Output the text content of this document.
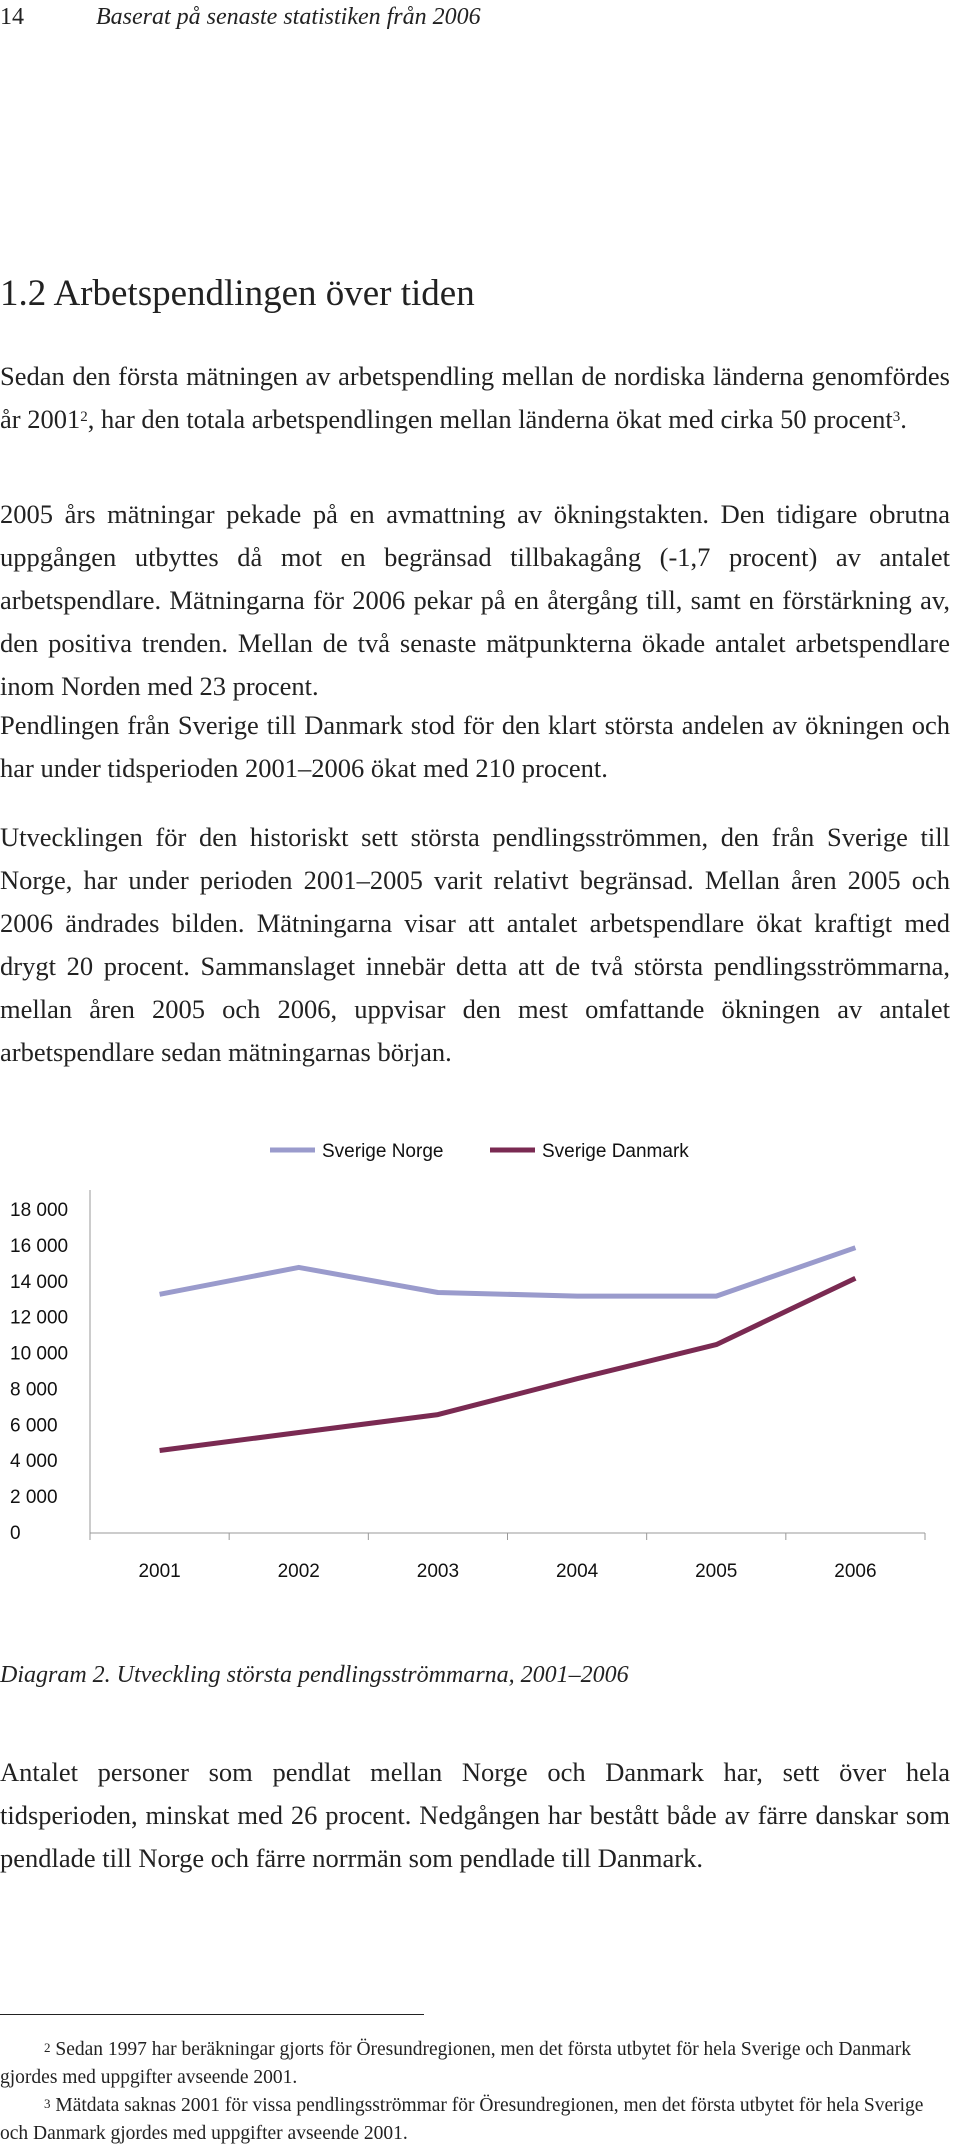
14	Baserat på senaste statistiken från 2006
1.2 Arbetspendlingen över tiden

Sedan den första mätningen av arbetspendling mellan de nordiska länderna genomfördes år 2001$^2$, har den totala arbetspendlingen mellan länderna ökat med cirka 50 procent$^3$.

2005 års mätningar pekade på en avmattning av ökningstakten. Den tidigare obrutna uppgången utbyttes då mot en begränsad tillbakagång (-1,7 procent) av antalet arbetspendlare. Mätningarna för 2006 pekar på en återgång till, samt en förstärkning av, den positiva trenden. Mellan de två senaste mätpunkterna ökade antalet arbetspendlare inom Norden med 23 procent.

Pendlingen från Sverige till Danmark stod för den klart största andelen av ökningen och har under tidsperioden 2001–2006 ökat med 210 procent.

Utvecklingen för den historiskt sett största pendlingsströmmen, den från Sverige till Norge, har under perioden 2001–2005 varit relativt begränsad. Mellan åren 2005 och 2006 ändrades bilden. Mätningarna visar att antalet arbetspendlare ökat kraftigt med drygt 20 procent. Sammanslaget innebär detta att de två största pendlingsströmmarna, mellan åren 2005 och 2006, uppvisar den mest omfattande ökningen av antalet arbetspendlare sedan mätningarnas början.

0
2 000
4 000
6 000
8 000
10 000
12 000
14 000
16 000
18 000
2001	2002	2003	2004	2005	2006
Sverige Norge	Sverige Danmark

Diagram 2. Utveckling största pendlingsströmmarna, 2001–2006

Antalet personer som pendlat mellan Norge och Danmark har, sett över hela tidsperioden, minskat med 26 procent. Nedgången har bestått både av färre danskar som pendlade till Norge och färre norrmän som pendlade till Danmark.

$^2$ Sedan 1997 har beräkningar gjorts för Öresundregionen, men det första utbytet för hela Sverige och Danmark gjordes med uppgifter avseende 2001.

$^3$ Mätdata saknas 2001 för vissa pendlingsströmmar för Öresundregionen, men det första utbytet för hela Sverige och Danmark gjordes med uppgifter avseende 2001.
